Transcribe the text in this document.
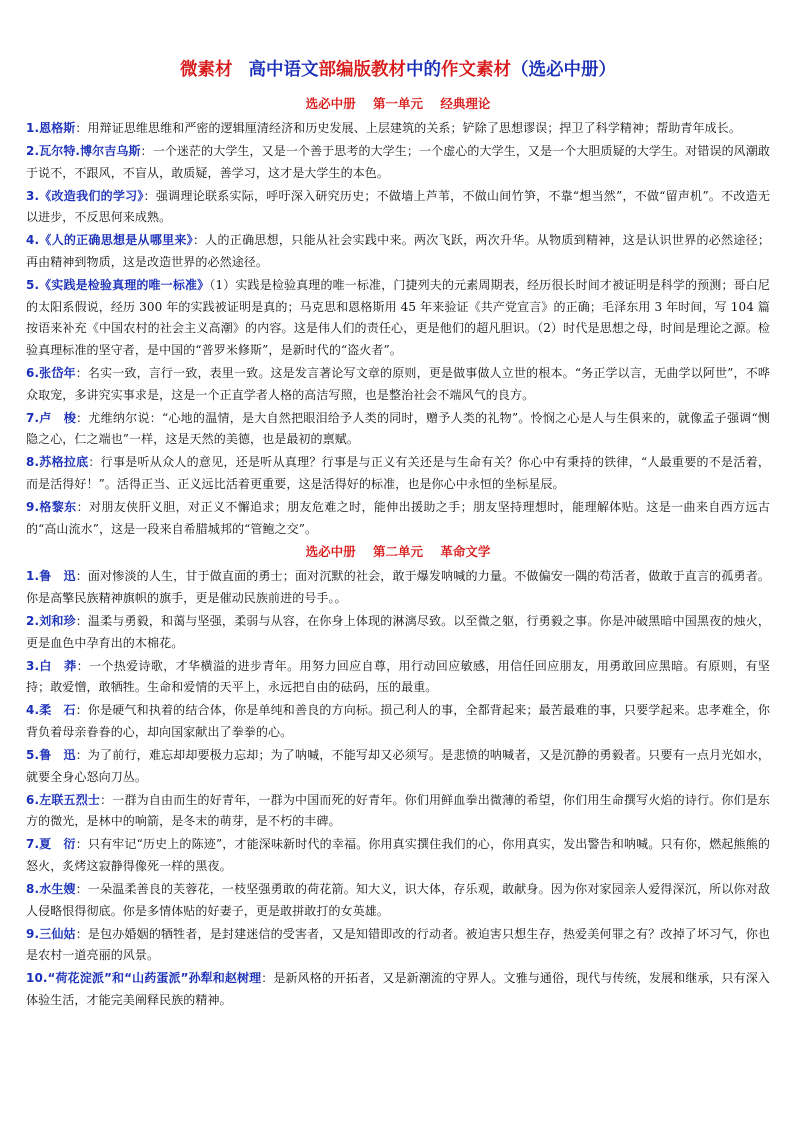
微素材 高中语文部编版教材中的作文素材（选必中册）
选必中册    第一单元    经典理论

1.恩格斯：用辩证思维思维和严密的逻辑厘清经济和历史发展、上层建筑的关系；铲除了思想谬误；捍卫了科学精神；帮助青年成长。

2.瓦尔特.博尔吉乌斯：一个迷茫的大学生，又是一个善于思考的大学生；一个虚心的大学生，又是一个大胆质疑的大学生。对错误的风潮敢于说不，不跟风，不盲从，敢质疑，善学习，这才是大学生的本色。

3.《改造我们的学习》：强调理论联系实际，呼吁深入研究历史；不做墙上芦苇，不做山间竹笋，不靠“想当然”，不做“留声机”。不改造无以进步，不反思何来成熟。

4.《人的正确思想是从哪里来》：人的正确思想，只能从社会实践中来。两次飞跃，两次升华。从物质到精神，这是认识世界的必然途径；再由精神到物质，这是改造世界的必然途径。

5.《实践是检验真理的唯一标准》（1）实践是检验真理的唯一标准，门捷列夫的元素周期表，经历很长时间才被证明是科学的预测；哥白尼的太阳系假说，经历 300 年的实践被证明是真的；马克思和恩格斯用 45 年来验证《共产党宣言》的正确；毛泽东用 3 年时间，写 104 篇按语来补充《中国农村的社会主义高潮》的内容。这是伟人们的责任心，更是他们的超凡胆识。（2）时代是思想之母，时间是理论之源。检验真理标准的坚守者，是中国的“普罗米修斯”，是新时代的“盗火者”。

6.张岱年：名实一致，言行一致，表里一致。这是发言著论写文章的原则，更是做事做人立世的根本。“务正学以言，无曲学以阿世”，不哗众取宠，多讲究实事求是，这是一个正直学者人格的高洁写照，也是整治社会不端风气的良方。

7.卢　梭：尤维纳尔说：“心地的温情，是大自然把眼泪给予人类的同时，赠予人类的礼物”。怜悯之心是人与生俱来的，就像孟子强调“恻隐之心，仁之端也”一样，这是天然的美德，也是最初的禀赋。

8.苏格拉底：行事是听从众人的意见，还是听从真理？行事是与正义有关还是与生命有关？你心中有秉持的铁律，“人最重要的不是活着，而是活得好！”。活得正当、正义远比活着更重要，这是活得好的标准，也是你心中永恒的坐标星辰。

9.格黎东：对朋友侠肝义胆，对正义不懈追求；朋友危难之时，能伸出援助之手；朋友坚持理想时，能理解体贴。这是一曲来自西方远古的“高山流水”，这是一段来自希腊城邦的“管鲍之交”。

选必中册    第二单元    革命文学

1.鲁　迅：面对惨淡的人生，甘于做直面的勇士；面对沉默的社会，敢于爆发呐喊的力量。不做偏安一隅的苟活者，做敢于直言的孤勇者。你是高擎民族精神旗帜的旗手，更是催动民族前进的号手。。

2.刘和珍：温柔与勇毅，和蔼与坚强，柔弱与从容，在你身上体现的淋漓尽致。以至微之躯，行勇毅之事。你是冲破黑暗中国黑夜的烛火，更是血色中孕育出的木棉花。

3.白　莽：一个热爱诗歌，才华横溢的进步青年。用努力回应自尊，用行动回应敏感，用信任回应朋友，用勇敢回应黑暗。有原则，有坚持；敢爱憎，敢牺牲。生命和爱情的天平上，永远把自由的砝码，压的最重。

4.柔　石：你是硬气和执着的结合体，你是单纯和善良的方向标。损己利人的事，全都背起来；最苦最难的事，只要学起来。忠孝难全，你背负着母亲眷眷的心，却向国家献出了拳拳的心。

5.鲁　迅：为了前行，难忘却却要极力忘却；为了呐喊，不能写却又必须写。是悲愤的呐喊者，又是沉静的勇毅者。只要有一点月光如水，就要全身心怒向刀丛。

6.左联五烈士：一群为自由而生的好青年，一群为中国而死的好青年。你们用鲜血拳出微薄的希望，你们用生命撰写火焰的诗行。你们是东方的微光，是林中的响箭，是冬末的萌芽，是不朽的丰碑。

7.夏　衍：只有牢记“历史上的陈迹”，才能深味新时代的幸福。你用真实撰住我们的心，你用真实，发出警告和呐喊。只有你，燃起熊熊的怒火，炙烤这寂静得像死一样的黑夜。

8.水生嫂：一朵温柔善良的芙蓉花，一枝坚强勇敢的荷花箭。知大义，识大体，存乐观，敢献身。因为你对家园亲人爱得深沉，所以你对敌人侵略恨得彻底。你是多情体贴的好妻子，更是敢拼敢打的女英雄。

9.三仙姑：是包办婚姻的牺牲者，是封建迷信的受害者，又是知错即改的行动者。被迫害只想生存，热爱美何罪之有？改掉了坏习气，你也是农村一道亮丽的风景。

10.“荷花淀派”和“山药蛋派”孙犁和赵树理：是新风格的开拓者，又是新潮流的守界人。文雅与通俗，现代与传统，发展和继承，只有深入体验生活，才能完美阐释民族的精神。
